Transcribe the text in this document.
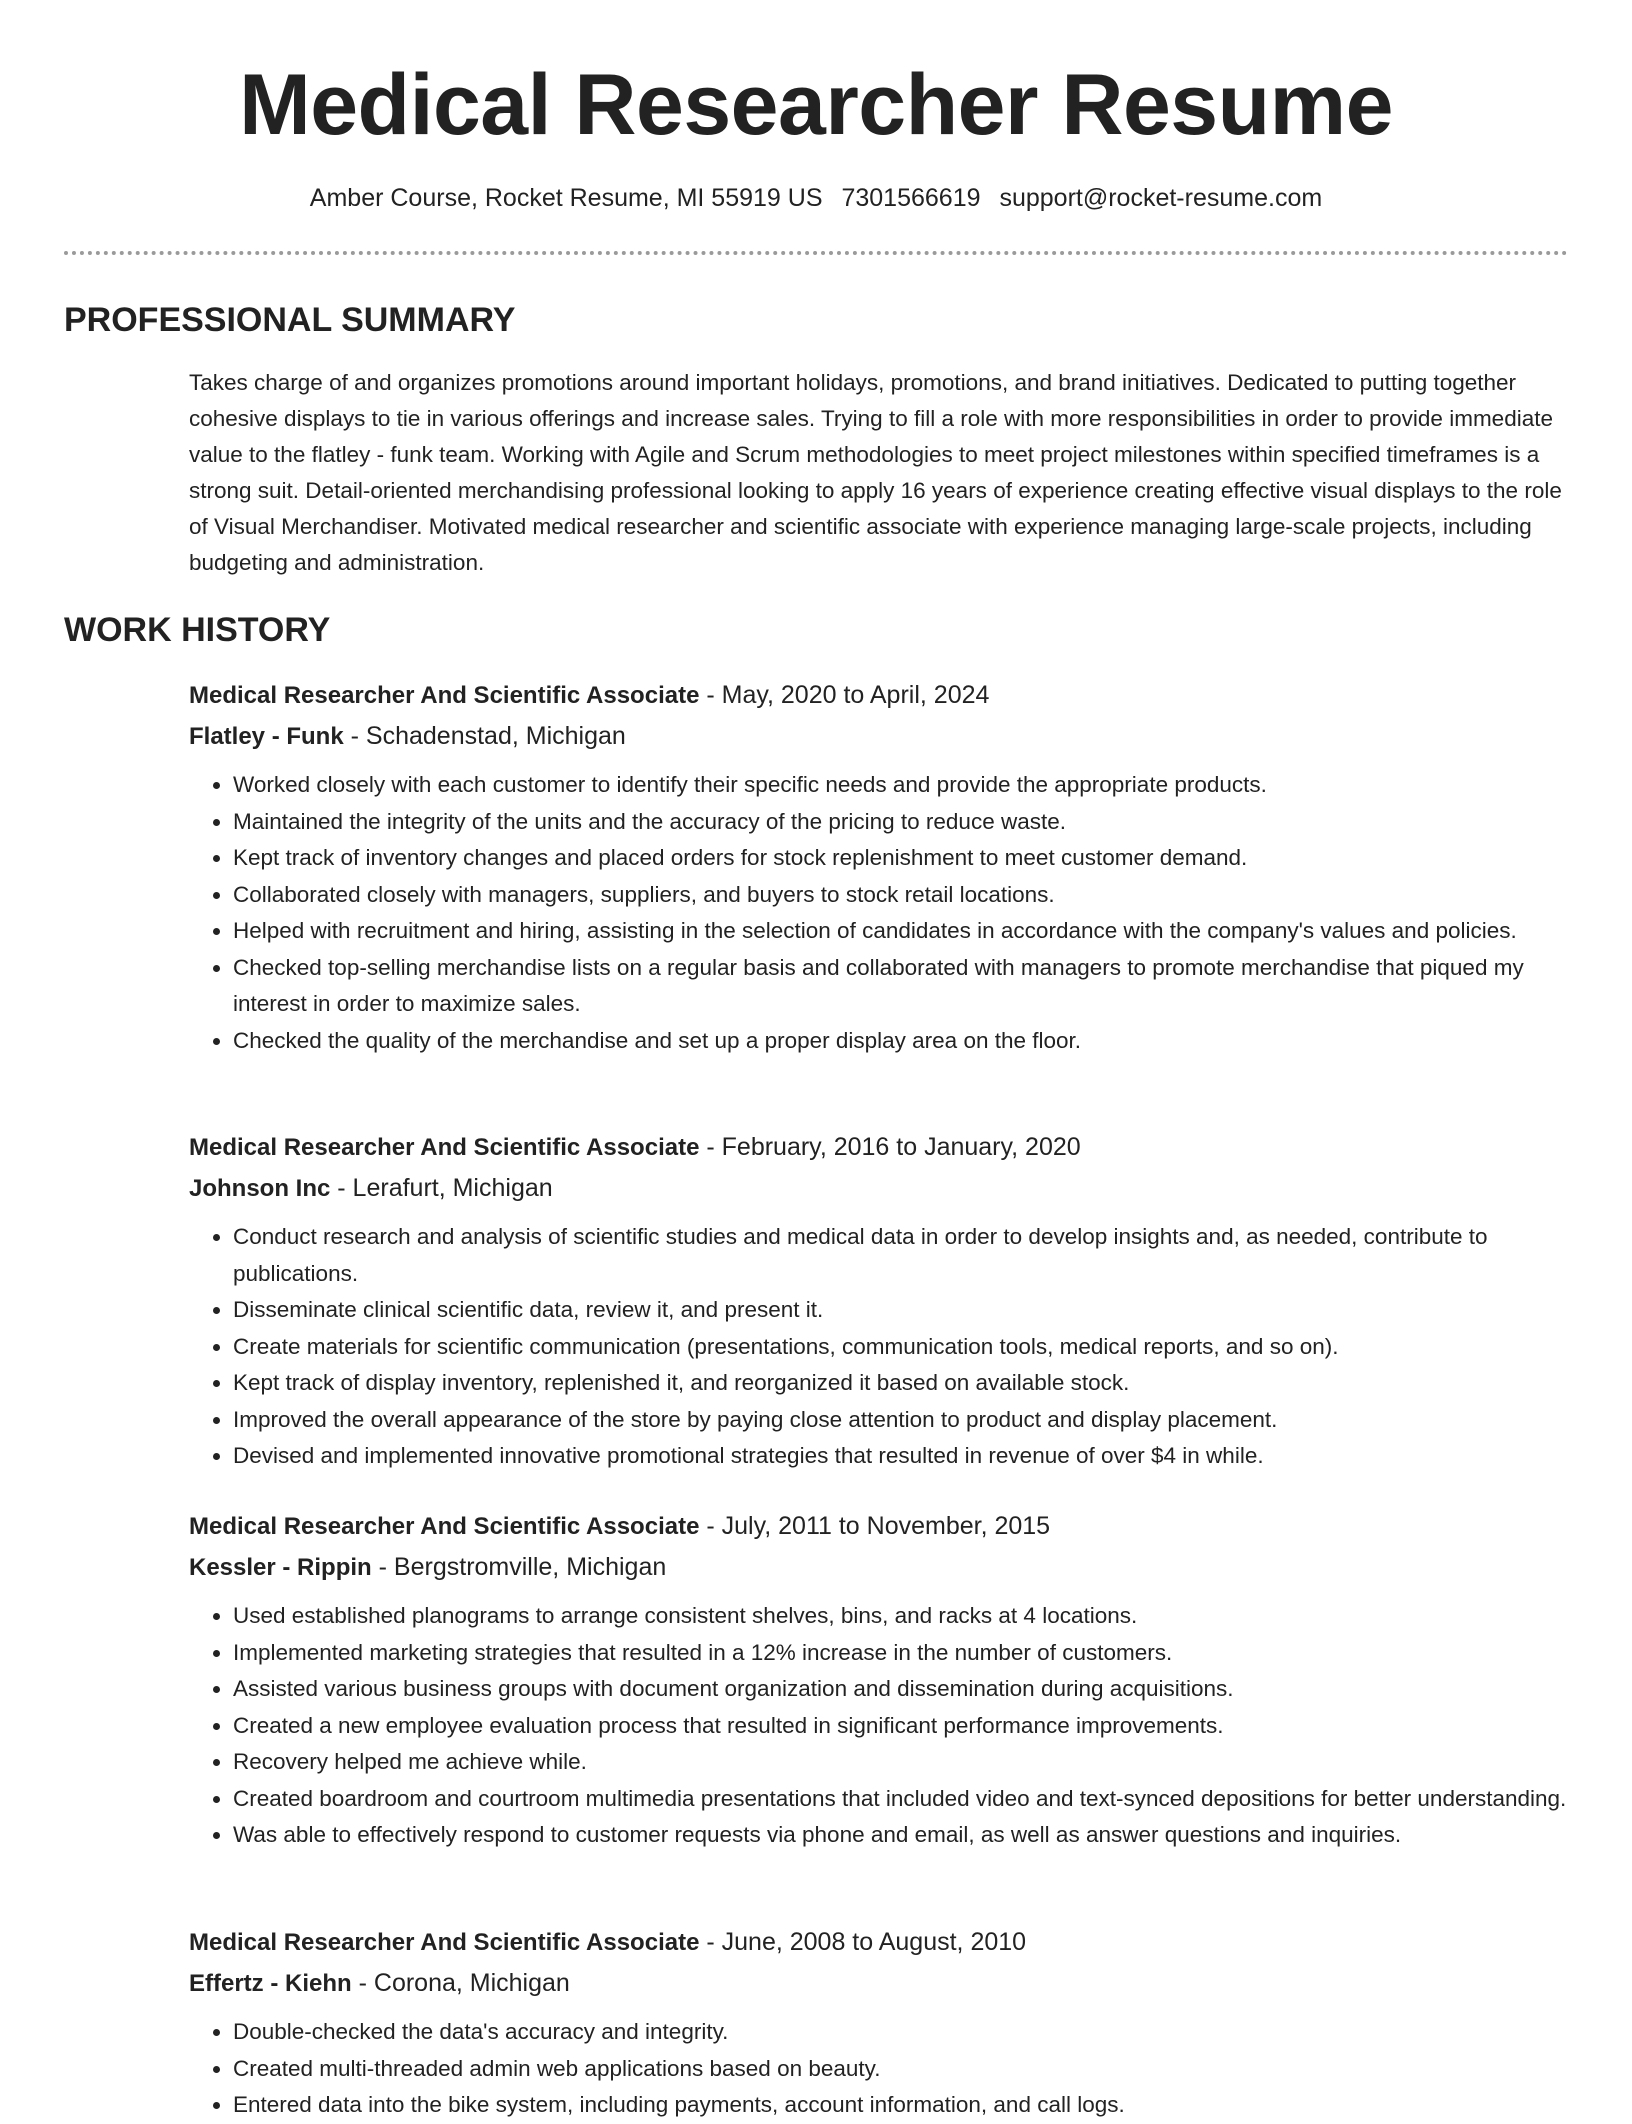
Medical Researcher Resume
Amber Course, Rocket Resume, MI 55919 US 7301566619 support@rocket-resume.com
PROFESSIONAL SUMMARY

Takes charge of and organizes promotions around important holidays, promotions, and brand initiatives. Dedicated to putting together cohesive displays to tie in various offerings and increase sales. Trying to fill a role with more responsibilities in order to provide immediate value to the flatley - funk team. Working with Agile and Scrum methodologies to meet project milestones within specified timeframes is a strong suit. Detail-oriented merchandising professional looking to apply 16 years of experience creating effective visual displays to the role of Visual Merchandiser. Motivated medical researcher and scientific associate with experience managing large-scale projects, including budgeting and administration.

WORK HISTORY
Medical Researcher And Scientific Associate - May, 2020 to April, 2024
Flatley - Funk - Schadenstad, Michigan
• Worked closely with each customer to identify their specific needs and provide the appropriate products.
• Maintained the integrity of the units and the accuracy of the pricing to reduce waste.
• Kept track of inventory changes and placed orders for stock replenishment to meet customer demand.
• Collaborated closely with managers, suppliers, and buyers to stock retail locations.
• Helped with recruitment and hiring, assisting in the selection of candidates in accordance with the company's values and policies.
• Checked top-selling merchandise lists on a regular basis and collaborated with managers to promote merchandise that piqued my interest in order to maximize sales.
• Checked the quality of the merchandise and set up a proper display area on the floor.
Medical Researcher And Scientific Associate - February, 2016 to January, 2020
Johnson Inc - Lerafurt, Michigan
• Conduct research and analysis of scientific studies and medical data in order to develop insights and, as needed, contribute to publications.
• Disseminate clinical scientific data, review it, and present it.
• Create materials for scientific communication (presentations, communication tools, medical reports, and so on).
• Kept track of display inventory, replenished it, and reorganized it based on available stock.
• Improved the overall appearance of the store by paying close attention to product and display placement.
• Devised and implemented innovative promotional strategies that resulted in revenue of over $4 in while.
Medical Researcher And Scientific Associate - July, 2011 to November, 2015
Kessler - Rippin - Bergstromville, Michigan
• Used established planograms to arrange consistent shelves, bins, and racks at 4 locations.
• Implemented marketing strategies that resulted in a 12% increase in the number of customers.
• Assisted various business groups with document organization and dissemination during acquisitions.
• Created a new employee evaluation process that resulted in significant performance improvements.
• Recovery helped me achieve while.
• Created boardroom and courtroom multimedia presentations that included video and text-synced depositions for better understanding.
• Was able to effectively respond to customer requests via phone and email, as well as answer questions and inquiries.
Medical Researcher And Scientific Associate - June, 2008 to August, 2010
Effertz - Kiehn - Corona, Michigan
• Double-checked the data's accuracy and integrity.
• Created multi-threaded admin web applications based on beauty.
• Entered data into the bike system, including payments, account information, and call logs.
